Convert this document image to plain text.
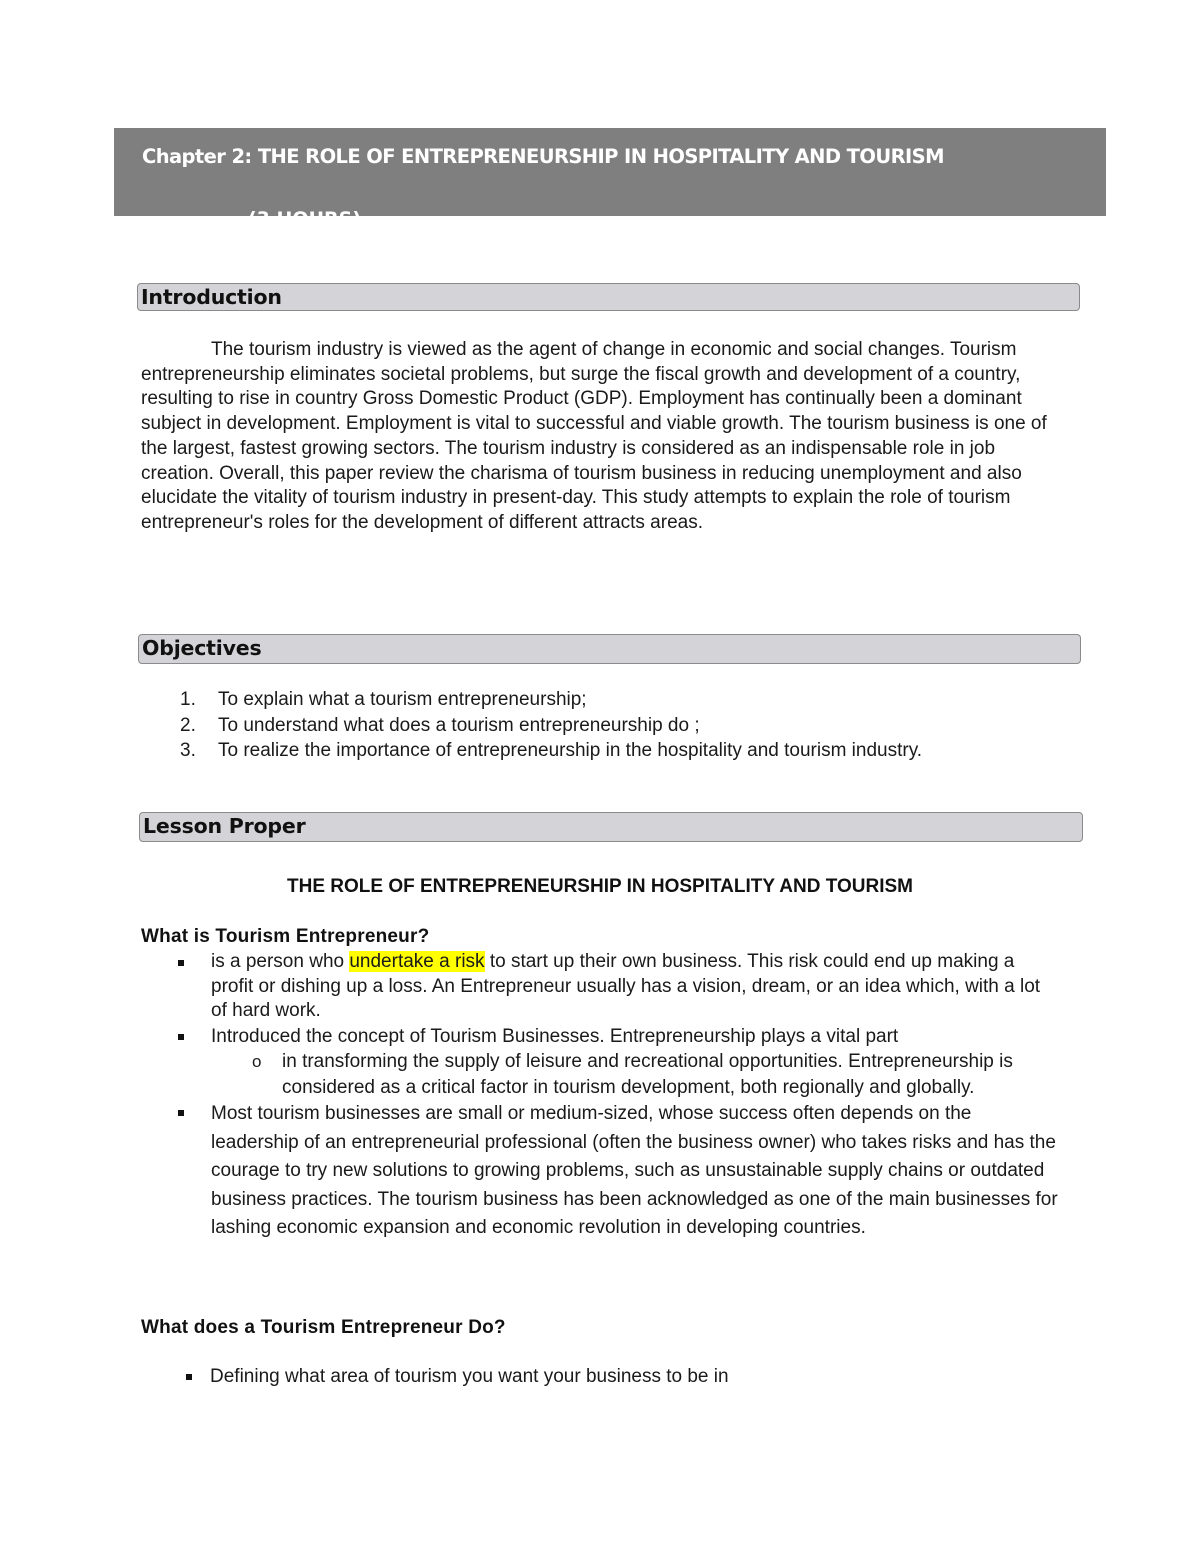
Chapter 2: THE ROLE OF ENTREPRENEURSHIP IN HOSPITALITY AND TOURISM
(3 HOURS)
Introduction
The tourism industry is viewed as the agent of change in economic and social changes. Tourism entrepreneurship eliminates societal problems, but surge the fiscal growth and development of a country, resulting to rise in country Gross Domestic Product (GDP). Employment has continually been a dominant subject in development. Employment is vital to successful and viable growth. The tourism business is one of the largest, fastest growing sectors. The tourism industry is considered as an indispensable role in job creation. Overall, this paper review the charisma of tourism business in reducing unemployment and also elucidate the vitality of tourism industry in present-day. This study attempts to explain the role of tourism entrepreneur's roles for the development of different attracts areas.
Objectives
1. To explain what a tourism entrepreneurship;
2. To understand what does a tourism entrepreneurship do ;
3. To realize the importance of entrepreneurship in the hospitality and tourism industry.
Lesson Proper
THE ROLE OF ENTREPRENEURSHIP IN HOSPITALITY AND TOURISM
What is Tourism Entrepreneur?
is a person who undertake a risk to start up their own business. This risk could end up making a profit or dishing up a loss. An Entrepreneur usually has a vision, dream, or an idea which, with a lot of hard work.
Introduced the concept of Tourism Businesses. Entrepreneurship plays a vital part
o in transforming the supply of leisure and recreational opportunities. Entrepreneurship is considered as a critical factor in tourism development, both regionally and globally.
Most tourism businesses are small or medium-sized, whose success often depends on the leadership of an entrepreneurial professional (often the business owner) who takes risks and has the courage to try new solutions to growing problems, such as unsustainable supply chains or outdated business practices. The tourism business has been acknowledged as one of the main businesses for lashing economic expansion and economic revolution in developing countries.
What does a Tourism Entrepreneur Do?
Defining what area of tourism you want your business to be in
